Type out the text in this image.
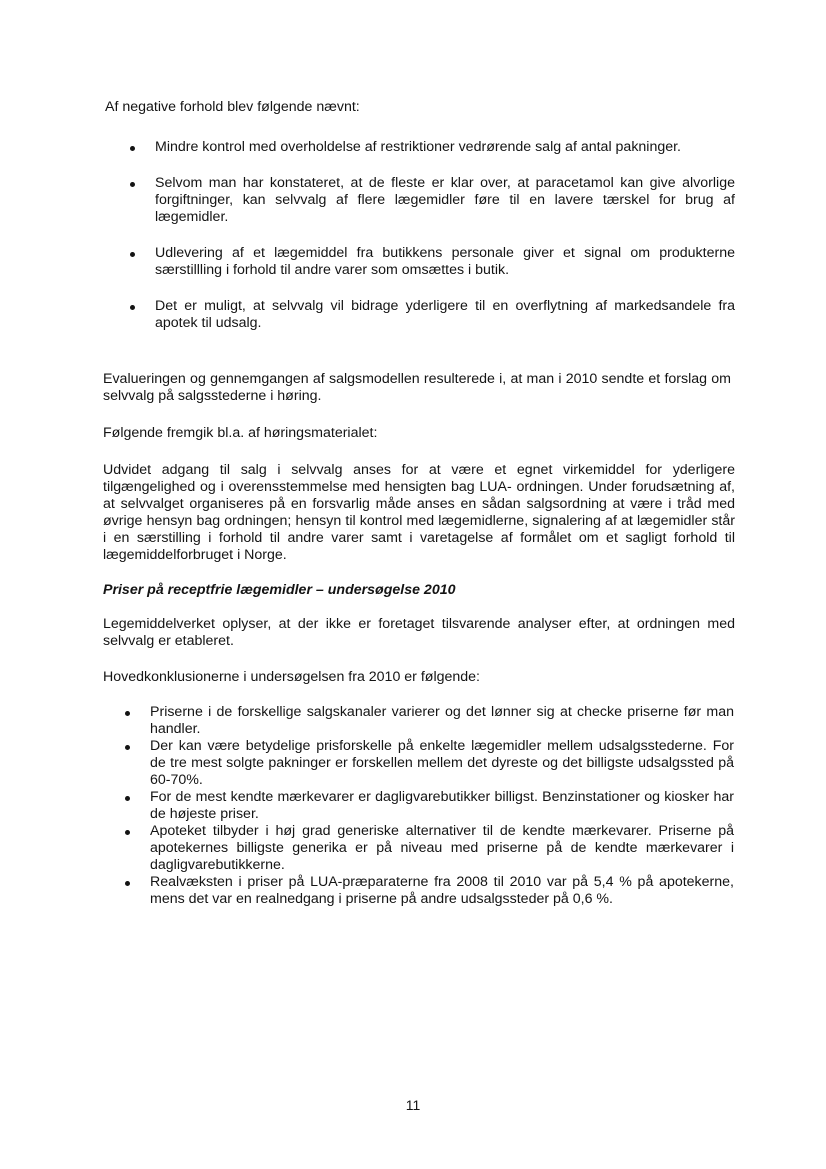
Af negative forhold blev følgende nævnt:

Mindre kontrol med overholdelse af restriktioner vedrørende salg af antal pakninger.
Selvom man har konstateret, at de fleste er klar over, at paracetamol kan give alvorlige forgiftninger, kan selvvalg af flere lægemidler føre til en lavere tærskel for brug af lægemidler.
Udlevering af et lægemiddel fra butikkens personale giver et signal om produkterne særstillling i forhold til andre varer som omsættes i butik.
Det er muligt, at selvvalg vil bidrage yderligere til en overflytning af markedsandele fra apotek til udsalg.

Evalueringen og gennemgangen af salgsmodellen resulterede i, at man i 2010 sendte et forslag om selvvalg på salgsstederne i høring.

Følgende fremgik bl.a. af høringsmaterialet:

Udvidet adgang til salg i selvvalg anses for at være et egnet virkemiddel for yderligere tilgængelighed og i overensstemmelse med hensigten bag LUA- ordningen. Under forudsætning af, at selvvalget organiseres på en forsvarlig måde anses en sådan salgsordning at være i tråd med øvrige hensyn bag ordningen; hensyn til kontrol med lægemidlerne, signalering af at lægemidler står i en særstilling i forhold til andre varer samt i varetagelse af formålet om et sagligt forhold til lægemiddelforbruget i Norge.

Priser på receptfrie lægemidler – undersøgelse 2010

Legemiddelverket oplyser, at der ikke er foretaget tilsvarende analyser efter, at ordningen med selvvalg er etableret.

Hovedkonklusionerne i undersøgelsen fra 2010 er følgende:

Priserne i de forskellige salgskanaler varierer og det lønner sig at checke priserne før man handler.
Der kan være betydelige prisforskelle på enkelte lægemidler mellem udsalgsstederne. For de tre mest solgte pakninger er forskellen mellem det dyreste og det billigste udsalgssted på 60-70%.
For de mest kendte mærkevarer er dagligvarebutikker billigst. Benzinstationer og kiosker har de højeste priser.
Apoteket tilbyder i høj grad generiske alternativer til de kendte mærkevarer. Priserne på apotekernes billigste generika er på niveau med priserne på de kendte mærkevarer i dagligvarebutikkerne.
Realvæksten i priser på LUA-præparaterne fra 2008 til 2010 var på 5,4 % på apotekerne, mens det var en realnedgang i priserne på andre udsalgssteder på 0,6 %.
11
